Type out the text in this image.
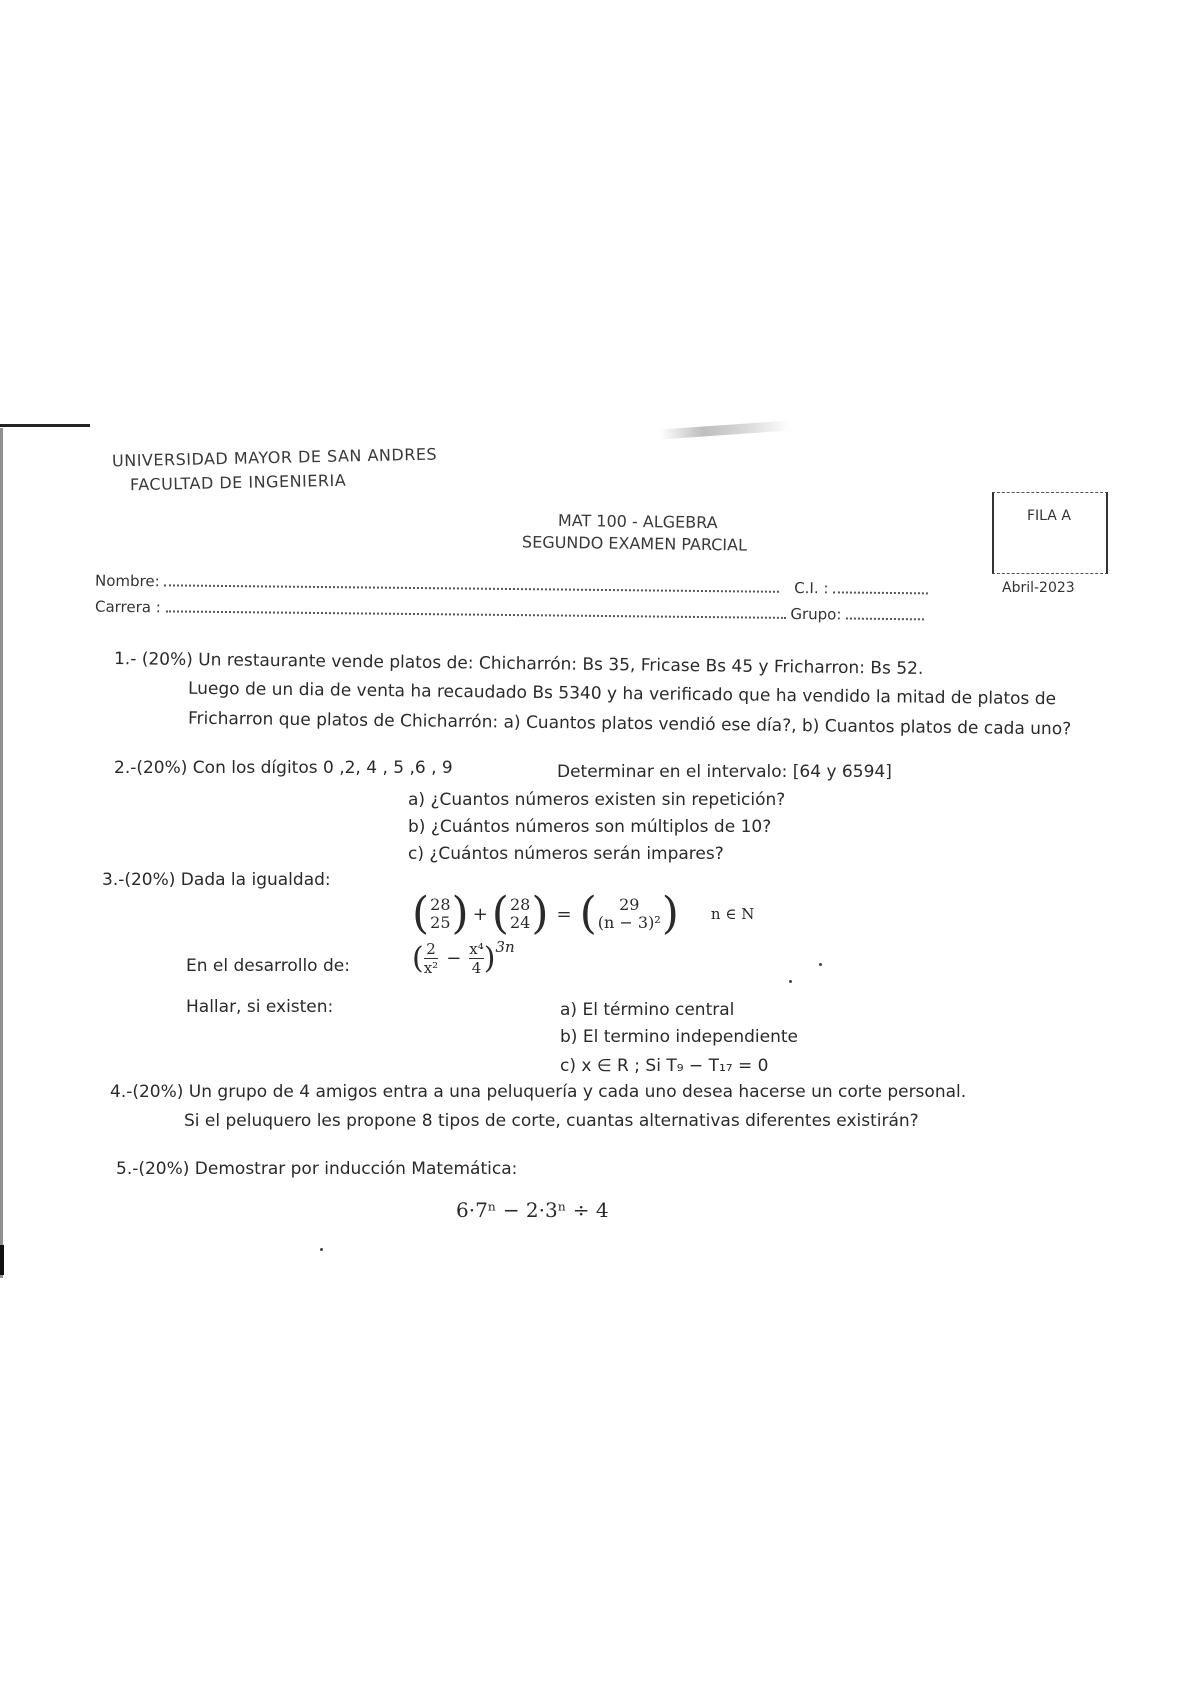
UNIVERSIDAD MAYOR DE SAN ANDRES
FACULTAD DE INGENIERIA
MAT 100 - ALGEBRA
SEGUNDO EXAMEN PARCIAL
FILA A
Abril-2023
Nombre:	C.I. :
Carrera :	Grupo:
1.- (20%) Un restaurante vende platos de: Chicharrón: Bs 35, Fricase Bs 45 y Fricharron: Bs 52.
Luego de un dia de venta ha recaudado Bs 5340 y ha verificado que ha vendido la mitad de platos de
Fricharron que platos de Chicharrón: a) Cuantos platos vendió ese día?, b) Cuantos platos de cada uno?
2.-(20%) Con los dígitos 0 ,2, 4 , 5 ,6 , 9	Determinar en el intervalo: [64 y 6594]
a) ¿Cuantos números existen sin repetición?
b) ¿Cuántos números son múltiplos de 10?
c) ¿Cuántos números serán impares?
3.-(20%) Dada la igualdad:
( 28
25 ) + ( 28
24 ) = ( 29
(n − 3)² ) n ∈ N
En el desarrollo de: ( $\frac{2}{\text{x²}} - \frac{\text{x⁴}}{4}$ ) 3n
Hallar, si existen:	a) El término central
b) El termino independiente
c) x ∈ R ; Si T₉ − T₁₇ = 0
4.-(20%) Un grupo de 4 amigos entra a una peluquería y cada uno desea hacerse un corte personal.
Si el peluquero les propone 8 tipos de corte, cuantas alternativas diferentes existirán?
5.-(20%) Demostrar por inducción Matemática:
6·7ⁿ − 2·3ⁿ ÷ 4
